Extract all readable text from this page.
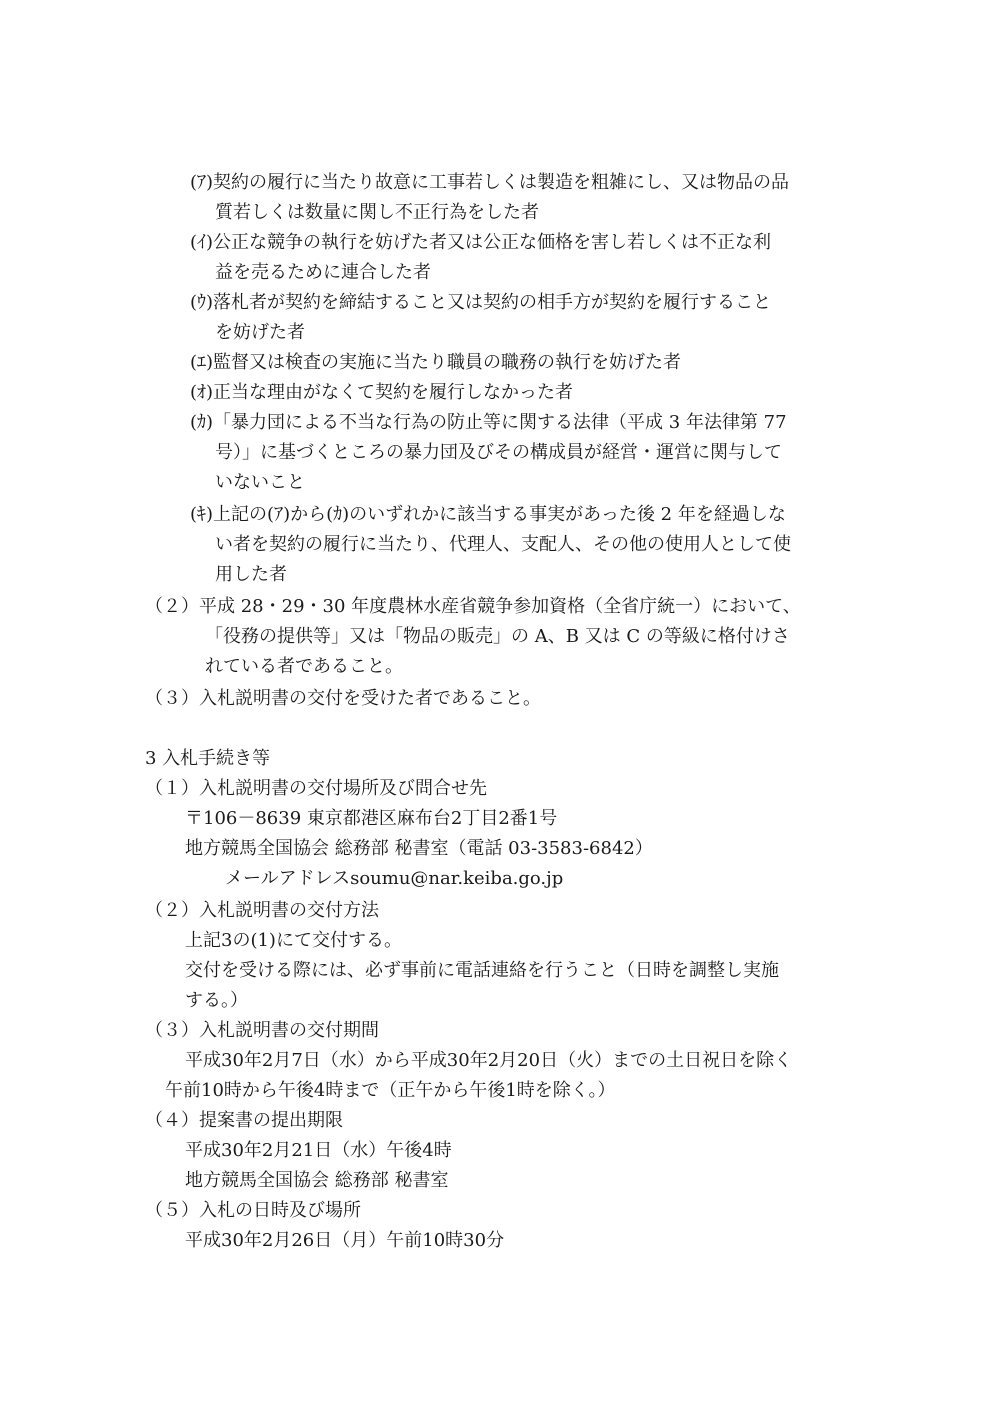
(ｱ)契約の履行に当たり故意に工事若しくは製造を粗雑にし、又は物品の品
質若しくは数量に関し不正行為をした者
(ｲ)公正な競争の執行を妨げた者又は公正な価格を害し若しくは不正な利
益を売るために連合した者
(ｳ)落札者が契約を締結すること又は契約の相手方が契約を履行すること
を妨げた者
(ｴ)監督又は検査の実施に当たり職員の職務の執行を妨げた者
(ｵ)正当な理由がなくて契約を履行しなかった者
(ｶ)「暴力団による不当な行為の防止等に関する法律（平成 3 年法律第 77
号）」に基づくところの暴力団及びその構成員が経営・運営に関与して
いないこと
(ｷ)上記の(ｱ)から(ｶ)のいずれかに該当する事実があった後 2 年を経過しな
い者を契約の履行に当たり、代理人、支配人、その他の使用人として使
用した者
（２）平成 28・29・30 年度農林水産省競争参加資格（全省庁統一）において、
「役務の提供等」又は「物品の販売」の A、B 又は C の等級に格付けさ
れている者であること。
（３）入札説明書の交付を受けた者であること。
3 入札手続き等
（１）入札説明書の交付場所及び問合せ先
〒106－8639 東京都港区麻布台2丁目2番1号
地方競馬全国協会 総務部 秘書室（電話 03-3583-6842）
メールアドレスsoumu@nar.keiba.go.jp
（２）入札説明書の交付方法
上記3の(1)にて交付する。
交付を受ける際には、必ず事前に電話連絡を行うこと（日時を調整し実施
する。）
（３）入札説明書の交付期間
平成30年2月7日（水）から平成30年2月20日（火）までの土日祝日を除く
午前10時から午後4時まで（正午から午後1時を除く。）
（４）提案書の提出期限
平成30年2月21日（水）午後4時
地方競馬全国協会 総務部 秘書室
（５）入札の日時及び場所
平成30年2月26日（月）午前10時30分
